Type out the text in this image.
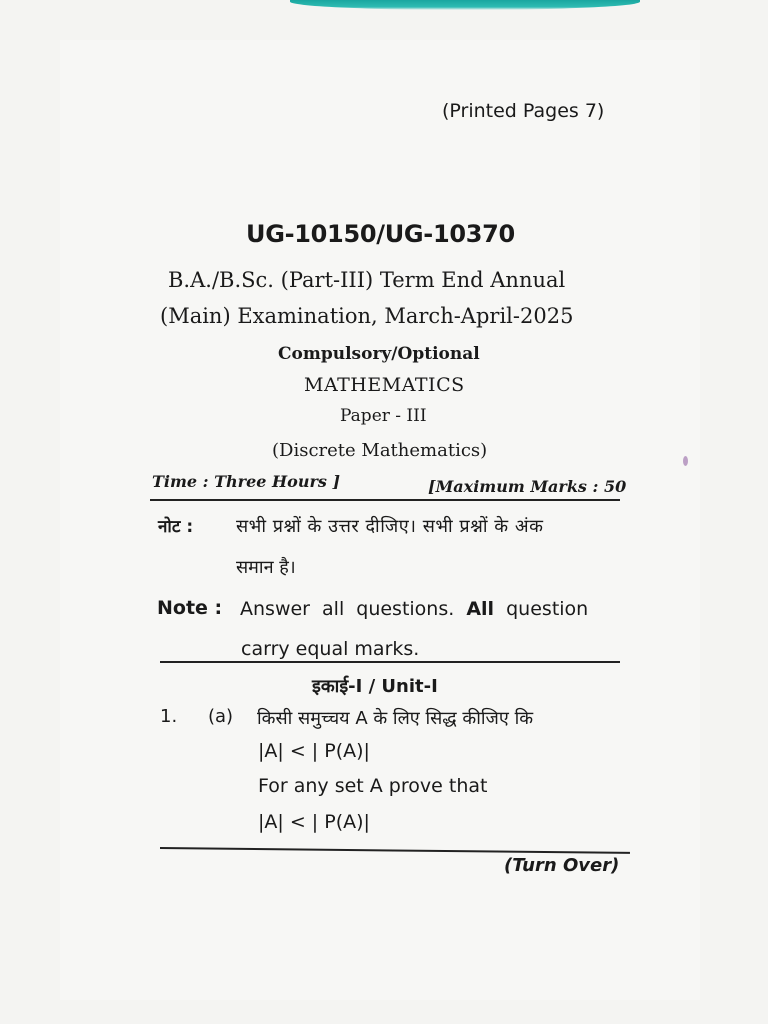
(Printed Pages 7)
UG-10150/UG-10370
B.A./B.Sc. (Part-III) Term End Annual
(Main) Examination, March-April-2025
Compulsory/Optional
MATHEMATICS
Paper - III
(Discrete Mathematics)
Time : Three Hours ]	[Maximum Marks : 50
नोट : सभी प्रश्नों के उत्तर दीजिए। सभी प्रश्नों के अंक
समान है।
Note : Answer all questions. All question
carry equal marks.
इकाई-I / Unit-I
1. (a) किसी समुच्चय A के लिए सिद्ध कीजिए कि
|A| < | P(A)|
For any set A prove that
|A| < | P(A)|
(Turn Over)
